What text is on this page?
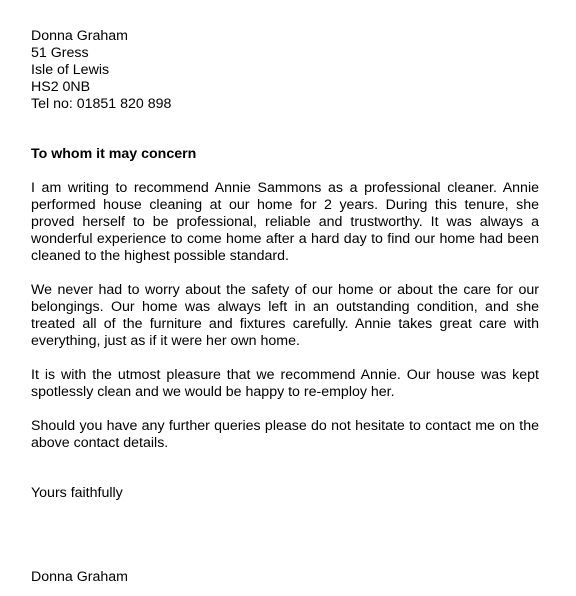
Donna Graham
51 Gress
Isle of Lewis
HS2 0NB
Tel no: 01851 820 898
To whom it may concern

I am writing to recommend Annie Sammons as a professional cleaner. Annie performed house cleaning at our home for 2 years. During this tenure, she proved herself to be professional, reliable and trustworthy. It was always a wonderful experience to come home after a hard day to find our home had been cleaned to the highest possible standard.

We never had to worry about the safety of our home or about the care for our belongings. Our home was always left in an outstanding condition, and she treated all of the furniture and fixtures carefully. Annie takes great care with everything, just as if it were her own home.

It is with the utmost pleasure that we recommend Annie. Our house was kept spotlessly clean and we would be happy to re-employ her.

Should you have any further queries please do not hesitate to contact me on the above contact details.

Yours faithfully
Donna Graham
